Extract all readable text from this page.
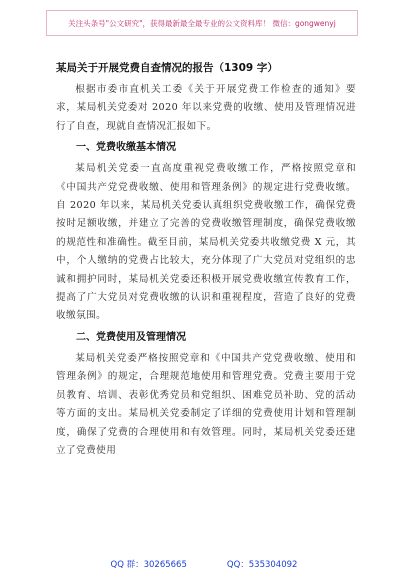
关注头条号"公文研究"，获得最新最全最专业的公文资料库！ 微信：gongwenyj
某局关于开展党费自查情况的报告（1309 字）

根据市委市直机关工委《关于开展党费工作检查的通知》要求，某局机关党委对 2020 年以来党费的收缴、使用及管理情况进行了自查，现就自查情况汇报如下。

一、党费收缴基本情况

某局机关党委一直高度重视党费收缴工作，严格按照党章和《中国共产党党费收缴、使用和管理条例》的规定进行党费收缴。自 2020 年以来，某局机关党委认真组织党费收缴工作，确保党费按时足额收缴，并建立了完善的党费收缴管理制度，确保党费收缴的规范性和准确性。截至目前，某局机关党委共收缴党费 X 元，其中，个人缴纳的党费占比较大，充分体现了广大党员对党组织的忠诚和拥护同时，某局机关党委还积极开展党费收缴宣传教育工作，提高了广大党员对党费收缴的认识和重视程度，营造了良好的党费收缴氛围。

二、党费使用及管理情况

某局机关党委严格按照党章和《中国共产党党费收缴、使用和管理条例》的规定，合理规范地使用和管理党费。党费主要用于党员教育、培训、表彰优秀党员和党组织、困难党员补助、党的活动等方面的支出。某局机关党委制定了详细的党费使用计划和管理制度，确保了党费的合理使用和有效管理。同时，某局机关党委还建立了党费使用

QQ 群：30265665	QQ：535304092
